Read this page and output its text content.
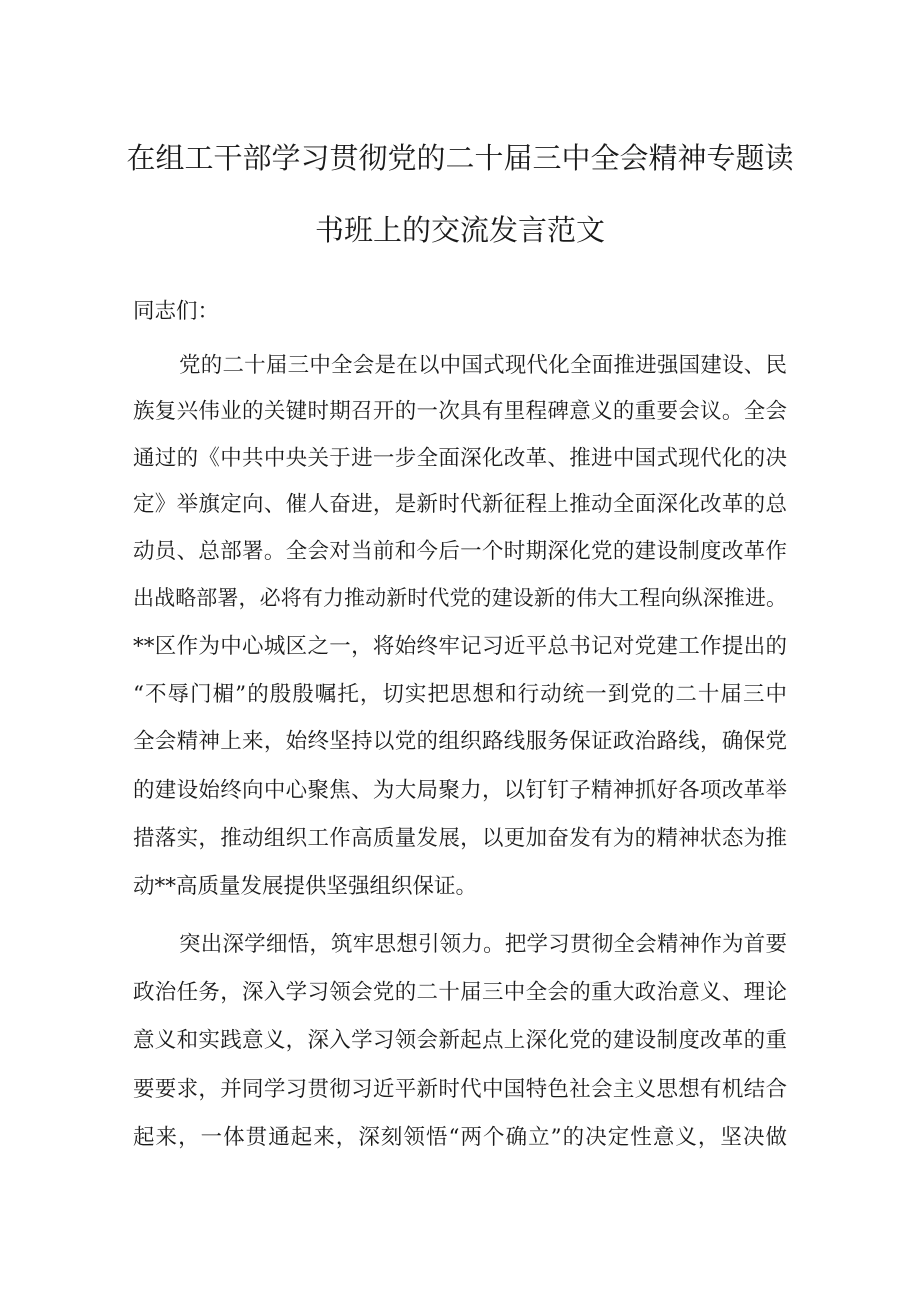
在组工干部学习贯彻党的二十届三中全会精神专题读
书班上的交流发言范文

同志们：

党的二十届三中全会是在以中国式现代化全面推进强国建设、民

族复兴伟业的关键时期召开的一次具有里程碑意义的重要会议。全会

通过的《中共中央关于进一步全面深化改革、推进中国式现代化的决

定》举旗定向、催人奋进，是新时代新征程上推动全面深化改革的总

动员、总部署。全会对当前和今后一个时期深化党的建设制度改革作

出战略部署，必将有力推动新时代党的建设新的伟大工程向纵深推进。

**区作为中心城区之一，将始终牢记习近平总书记对党建工作提出的

“不辱门楣”的殷殷嘱托，切实把思想和行动统一到党的二十届三中

全会精神上来，始终坚持以党的组织路线服务保证政治路线，确保党

的建设始终向中心聚焦、为大局聚力，以钉钉子精神抓好各项改革举

措落实，推动组织工作高质量发展，以更加奋发有为的精神状态为推

动**高质量发展提供坚强组织保证。

突出深学细悟，筑牢思想引领力。把学习贯彻全会精神作为首要

政治任务，深入学习领会党的二十届三中全会的重大政治意义、理论

意义和实践意义，深入学习领会新起点上深化党的建设制度改革的重

要要求，并同学习贯彻习近平新时代中国特色社会主义思想有机结合

起来，一体贯通起来，深刻领悟“两个确立”的决定性意义，坚决做
